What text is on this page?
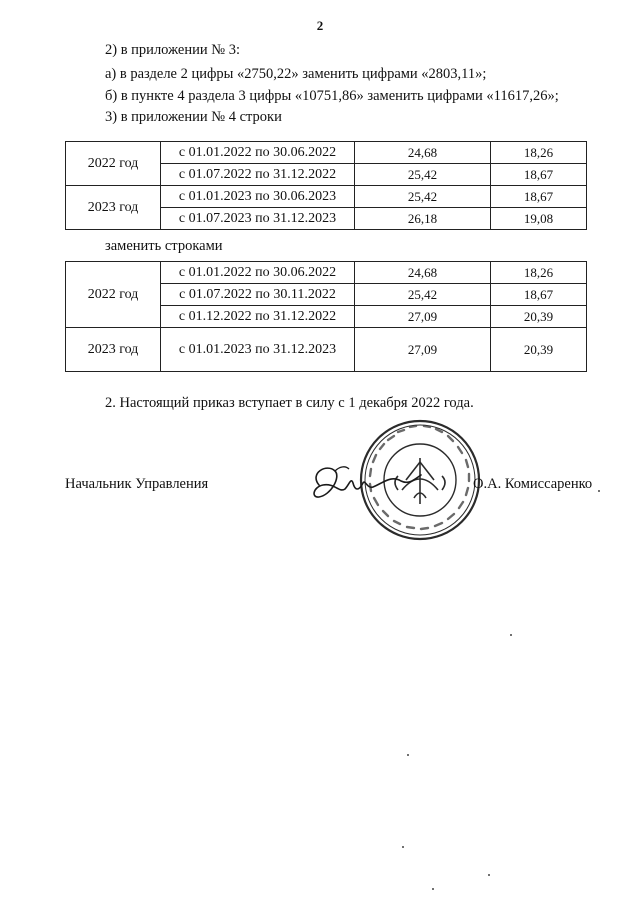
2
2) в приложении № 3:
а) в разделе 2 цифры «2750,22» заменить цифрами «2803,11»;
б) в пункте 4 раздела 3 цифры «10751,86» заменить цифрами «11617,26»;
3) в приложении № 4 строки
2022 год	с 01.01.2022 по 30.06.2022	24,68	18,26
	с 01.07.2022 по 31.12.2022	25,42	18,67
2023 год	с 01.01.2023 по 30.06.2023	25,42	18,67
	с 01.07.2023 по 31.12.2023	26,18	19,08
заменить строками
2022 год	с 01.01.2022 по 30.06.2022	24,68	18,26
	с 01.07.2022 по 30.11.2022	25,42	18,67
	с 01.12.2022 по 31.12.2022	27,09	20,39
2023 год	с 01.01.2023 по 31.12.2023	27,09	20,39
2. Настоящий приказ вступает в силу с 1 декабря 2022 года.
Начальник Управления	О.А. Комиссаренко
